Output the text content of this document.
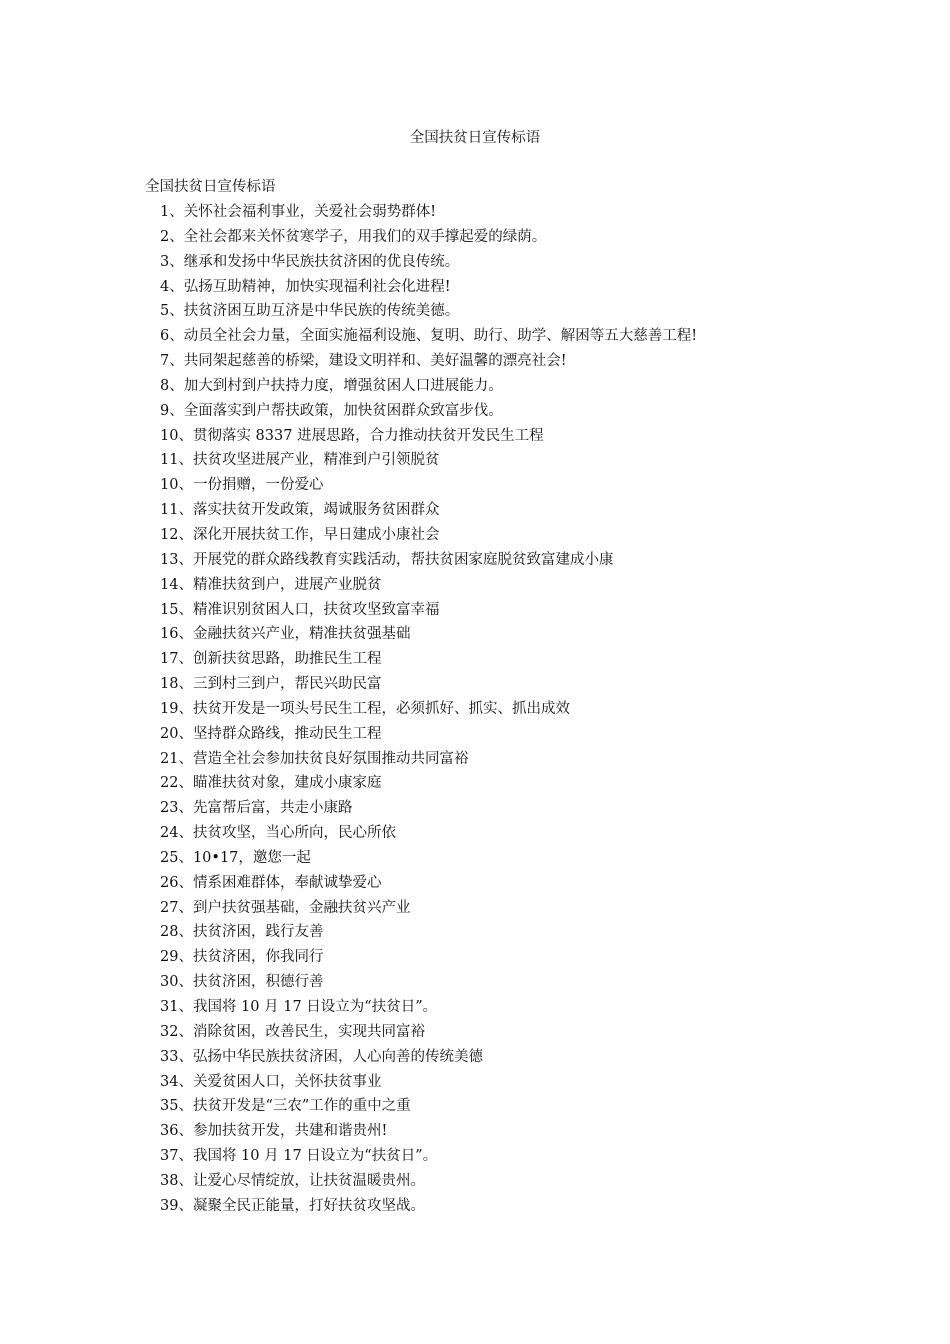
全国扶贫日宣传标语
全国扶贫日宣传标语
1、关怀社会福利事业，关爱社会弱势群体!
2、全社会都来关怀贫寒学子，用我们的双手撑起爱的绿荫。
3、继承和发扬中华民族扶贫济困的优良传统。
4、弘扬互助精神，加快实现福利社会化进程!
5、扶贫济困互助互济是中华民族的传统美德。
6、动员全社会力量，全面实施福利设施、复明、助行、助学、解困等五大慈善工程!
7、共同架起慈善的桥梁，建设文明祥和、美好温馨的漂亮社会!
8、加大到村到户扶持力度，增强贫困人口进展能力。
9、全面落实到户帮扶政策，加快贫困群众致富步伐。
10、贯彻落实 8337 进展思路，合力推动扶贫开发民生工程
11、扶贫攻坚进展产业，精准到户引领脱贫
10、一份捐赠，一份爱心
11、落实扶贫开发政策，竭诚服务贫困群众
12、深化开展扶贫工作，早日建成小康社会
13、开展党的群众路线教育实践活动，帮扶贫困家庭脱贫致富建成小康
14、精准扶贫到户，进展产业脱贫
15、精准识别贫困人口，扶贫攻坚致富幸福
16、金融扶贫兴产业，精准扶贫强基础
17、创新扶贫思路，助推民生工程
18、三到村三到户，帮民兴助民富
19、扶贫开发是一项头号民生工程，必须抓好、抓实、抓出成效
20、坚持群众路线，推动民生工程
21、营造全社会参加扶贫良好氛围推动共同富裕
22、瞄准扶贫对象，建成小康家庭
23、先富帮后富，共走小康路
24、扶贫攻坚，当心所向，民心所依
25、10•17，邀您一起
26、情系困难群体，奉献诚挚爱心
27、到户扶贫强基础，金融扶贫兴产业
28、扶贫济困，践行友善
29、扶贫济困，你我同行
30、扶贫济困，积德行善
31、我国将 10 月 17 日设立为“扶贫日”。
32、消除贫困，改善民生，实现共同富裕
33、弘扬中华民族扶贫济困，人心向善的传统美德
34、关爱贫困人口，关怀扶贫事业
35、扶贫开发是“三农”工作的重中之重
36、参加扶贫开发，共建和谐贵州!
37、我国将 10 月 17 日设立为“扶贫日”。
38、让爱心尽情绽放，让扶贫温暖贵州。
39、凝聚全民正能量，打好扶贫攻坚战。
